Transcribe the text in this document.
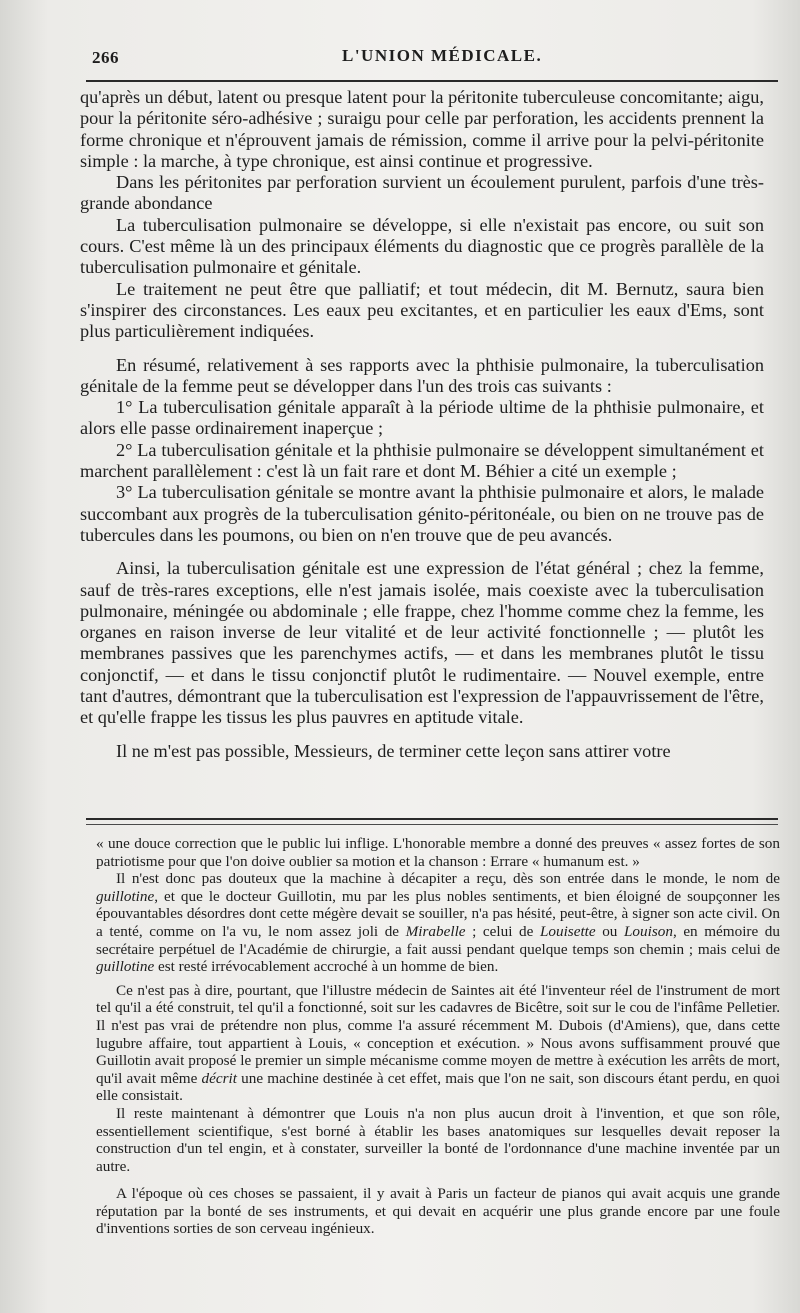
266	L'UNION MÉDICALE.

qu'après un début, latent ou presque latent pour la péritonite tuberculeuse concomitante; aigu, pour la péritonite séro-adhésive ; suraigu pour celle par perforation, les accidents prennent la forme chronique et n'éprouvent jamais de rémission, comme il arrive pour la pelvi-péritonite simple : la marche, à type chronique, est ainsi continue et progressive.

Dans les péritonites par perforation survient un écoulement purulent, parfois d'une très-grande abondance

La tuberculisation pulmonaire se développe, si elle n'existait pas encore, ou suit son cours. C'est même là un des principaux éléments du diagnostic que ce progrès parallèle de la tuberculisation pulmonaire et génitale.

Le traitement ne peut être que palliatif; et tout médecin, dit M. Bernutz, saura bien s'inspirer des circonstances. Les eaux peu excitantes, et en particulier les eaux d'Ems, sont plus particulièrement indiquées.

En résumé, relativement à ses rapports avec la phthisie pulmonaire, la tuberculisation génitale de la femme peut se développer dans l'un des trois cas suivants :

1° La tuberculisation génitale apparaît à la période ultime de la phthisie pulmonaire, et alors elle passe ordinairement inaperçue ;

2° La tuberculisation génitale et la phthisie pulmonaire se développent simultanément et marchent parallèlement : c'est là un fait rare et dont M. Béhier a cité un exemple ;

3° La tuberculisation génitale se montre avant la phthisie pulmonaire et alors, le malade succombant aux progrès de la tuberculisation génito-péritonéale, ou bien on ne trouve pas de tubercules dans les poumons, ou bien on n'en trouve que de peu avancés.

Ainsi, la tuberculisation génitale est une expression de l'état général ; chez la femme, sauf de très-rares exceptions, elle n'est jamais isolée, mais coexiste avec la tuberculisation pulmonaire, méningée ou abdominale ; elle frappe, chez l'homme comme chez la femme, les organes en raison inverse de leur vitalité et de leur activité fonctionnelle ; — plutôt les membranes passives que les parenchymes actifs, — et dans les membranes plutôt le tissu conjonctif, — et dans le tissu conjonctif plutôt le rudimentaire. — Nouvel exemple, entre tant d'autres, démontrant que la tuberculisation est l'expression de l'appauvrissement de l'être, et qu'elle frappe les tissus les plus pauvres en aptitude vitale.

Il ne m'est pas possible, Messieurs, de terminer cette leçon sans attirer votre

« une douce correction que le public lui inflige. L'honorable membre a donné des preuves « assez fortes de son patriotisme pour que l'on doive oublier sa motion et la chanson : Errare « humanum est. »

Il n'est donc pas douteux que la machine à décapiter a reçu, dès son entrée dans le monde, le nom de guillotine, et que le docteur Guillotin, mu par les plus nobles sentiments, et bien éloigné de soupçonner les épouvantables désordres dont cette mégère devait se souiller, n'a pas hésité, peut-être, à signer son acte civil. On a tenté, comme on l'a vu, le nom assez joli de Mirabelle ; celui de Louisette ou Louison, en mémoire du secrétaire perpétuel de l'Académie de chirurgie, a fait aussi pendant quelque temps son chemin ; mais celui de guillotine est resté irrévocablement accroché à un homme de bien.

Ce n'est pas à dire, pourtant, que l'illustre médecin de Saintes ait été l'inventeur réel de l'instrument de mort tel qu'il a été construit, tel qu'il a fonctionné, soit sur les cadavres de Bicêtre, soit sur le cou de l'infâme Pelletier. Il n'est pas vrai de prétendre non plus, comme l'a assuré récemment M. Dubois (d'Amiens), que, dans cette lugubre affaire, tout appartient à Louis, « conception et exécution. » Nous avons suffisamment prouvé que Guillotin avait proposé le premier un simple mécanisme comme moyen de mettre à exécution les arrêts de mort, qu'il avait même décrit une machine destinée à cet effet, mais que l'on ne sait, son discours étant perdu, en quoi elle consistait.

Il reste maintenant à démontrer que Louis n'a non plus aucun droit à l'invention, et que son rôle, essentiellement scientifique, s'est borné à établir les bases anatomiques sur lesquelles devait reposer la construction d'un tel engin, et à constater, surveiller la bonté de l'ordonnance d'une machine inventée par un autre.

A l'époque où ces choses se passaient, il y avait à Paris un facteur de pianos qui avait acquis une grande réputation par la bonté de ses instruments, et qui devait en acquérir une plus grande encore par une foule d'inventions sorties de son cerveau ingénieux.
